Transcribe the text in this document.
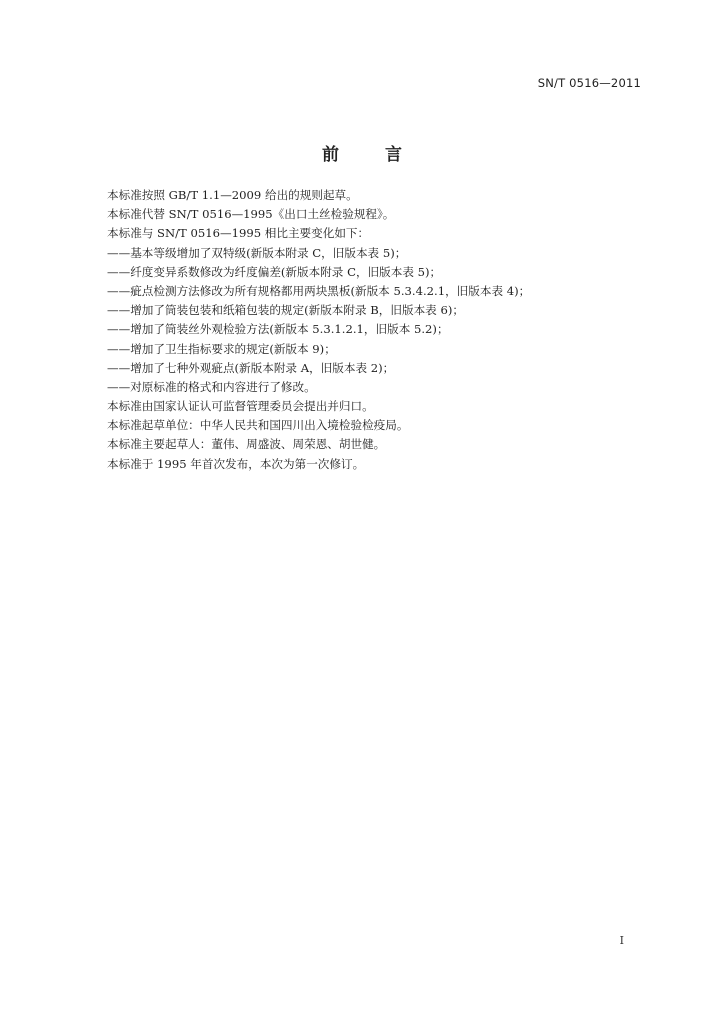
SN/T 0516—2011
前	言
本标准按照 GB/T 1.1—2009 给出的规则起草。
本标准代替 SN/T 0516—1995《出口土丝检验规程》。
本标准与 SN/T 0516—1995 相比主要变化如下：
——基本等级增加了双特级(新版本附录 C，旧版本表 5)；
——纤度变异系数修改为纤度偏差(新版本附录 C，旧版本表 5)；
——疵点检测方法修改为所有规格都用两块黑板(新版本 5.3.4.2.1，旧版本表 4)；
——增加了筒装包装和纸箱包装的规定(新版本附录 B，旧版本表 6)；
——增加了筒装丝外观检验方法(新版本 5.3.1.2.1，旧版本 5.2)；
——增加了卫生指标要求的规定(新版本 9)；
——增加了七种外观疵点(新版本附录 A，旧版本表 2)；
——对原标准的格式和内容进行了修改。
本标准由国家认证认可监督管理委员会提出并归口。
本标准起草单位：中华人民共和国四川出入境检验检疫局。
本标准主要起草人：董伟、周盛波、周荣恩、胡世健。
本标准于 1995 年首次发布，本次为第一次修订。
I
